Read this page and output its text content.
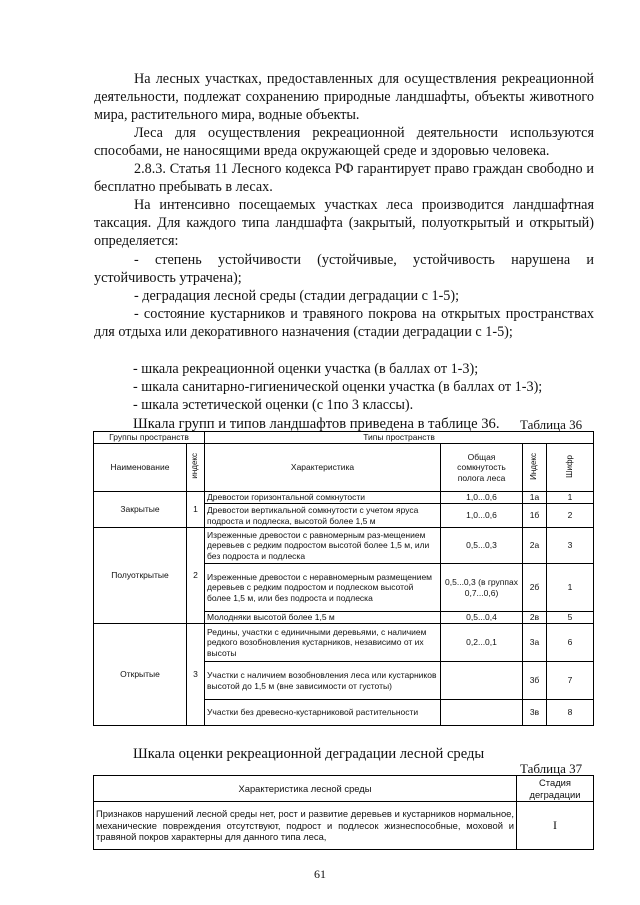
На лесных участках, предоставленных для осуществления рекреационной деятельности, подлежат сохранению природные ландшафты, объекты животного мира, растительного мира, водные объекты.

Леса для осуществления рекреационной деятельности используются способами, не наносящими вреда окружающей среде и здоровью человека.

2.8.3. Статья 11 Лесного кодекса РФ гарантирует право граждан свободно и бесплатно пребывать в лесах.

На интенсивно посещаемых участках леса производится ландшафтная таксация. Для каждого типа ландшафта (закрытый, полуоткрытый и открытый) определяется:

- степень устойчивости (устойчивые, устойчивость нарушена и устойчивость утрачена);

- деградация лесной среды (стадии деградации с 1-5);

- состояние кустарников и травяного покрова на открытых пространствах для отдыха или декоративного назначения (стадии деградации с 1-5);

- шкала рекреационной оценки участка (в баллах от 1-3);

- шкала санитарно-гигиенической оценки участка (в баллах от 1-3);

- шкала эстетической оценки (с 1по 3 классы).

Шкала групп и типов ландшафтов приведена в таблице 36. Таблица 36
Группы пространств		Типы пространств			
Наименование	индекс	Характеристика	Общая сомкнутость полога леса	Индекс	Шифр
Закрытые	1	Древостои горизонтальной сомкнутости	1,0...0,6	1а	1
		Древостои вертикальной сомкнутости с учетом яруса подроста и подлеска, высотой более 1,5 м	1,0...0,6	1б	2
Полуоткрытые	2	Изреженные древостои с равномерным раз-мещением деревьев с редким подростом высотой более 1,5 м, или без подроста и подлеска	0,5...0,3	2а	3
		Изреженные древостои с неравномерным размещением деревьев с редким подростом и подлеском высотой более 1,5 м, или без подроста и подлеска	0,5...0,3 (в группах 0,7...0,6)	2б	1
		Молодняки высотой более 1,5 м	0,5...0,4	2в	5
Открытые	3	Редины, участки с единичными деревьями, с наличием редкого возобновления кустарников, независимо от их высоты	0,2...0,1	3а	6
		Участки с наличием возобновления леса или кустарников высотой до 1,5 м (вне зависимости от густоты)		3б	7
		Участки без древесно-кустарниковой растительности		3в	8

Шкала оценки рекреационной деградации лесной среды

Таблица 37
Характеристика лесной среды	Стадия деградации
Признаков нарушений лесной среды нет, рост и развитие деревьев и кустарников нормальное, механические повреждения отсутствуют, подрост и подлесок жизнеспособные, моховой и травяной покров характерны для данного типа леса,	I
61
